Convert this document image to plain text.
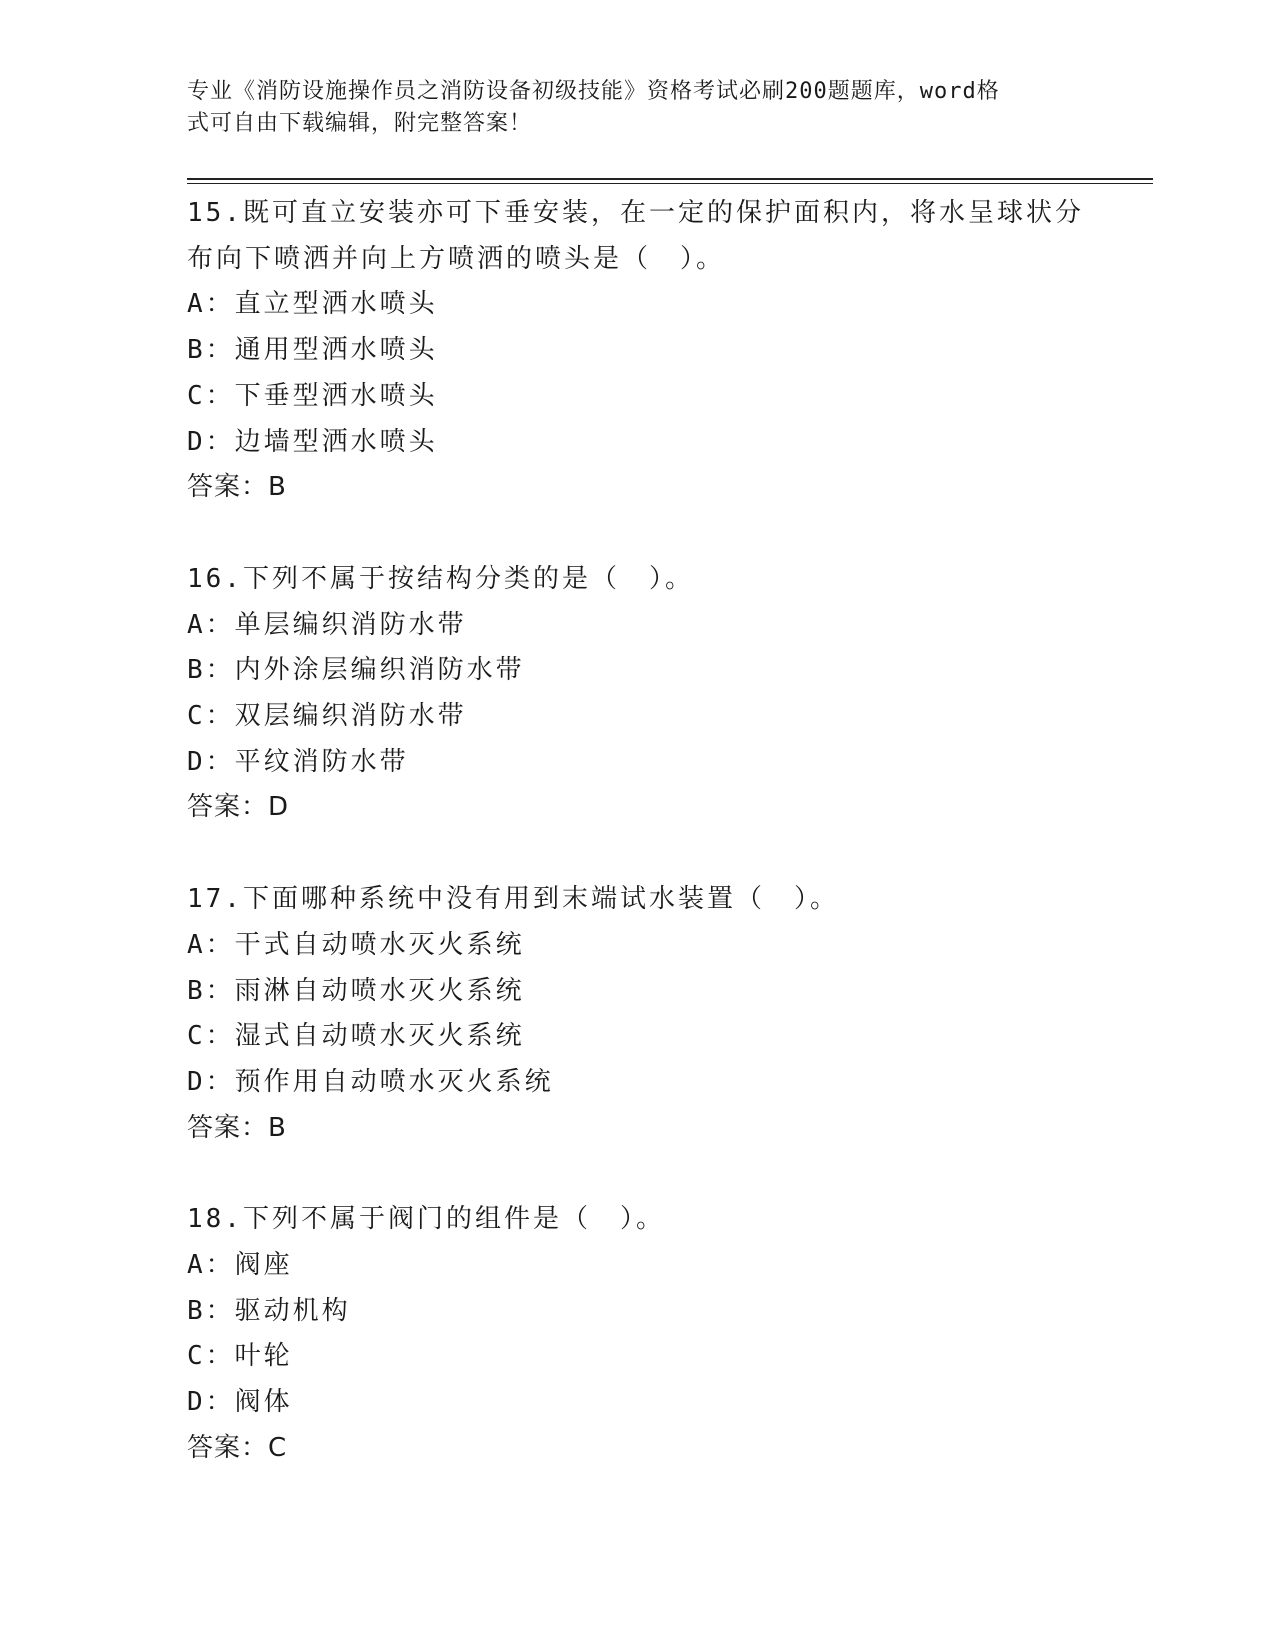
专业《消防设施操作员之消防设备初级技能》资格考试必刷200题题库，word格
式可自由下载编辑，附完整答案！
15.既可直立安装亦可下垂安装，在一定的保护面积内，将水呈球状分
布向下喷洒并向上方喷洒的喷头是（　）。
A：直立型洒水喷头
B：通用型洒水喷头
C：下垂型洒水喷头
D：边墙型洒水喷头
答案：B
16.下列不属于按结构分类的是（　）。
A：单层编织消防水带
B：内外涂层编织消防水带
C：双层编织消防水带
D：平纹消防水带
答案：D
17.下面哪种系统中没有用到末端试水装置（　）。
A：干式自动喷水灭火系统
B：雨淋自动喷水灭火系统
C：湿式自动喷水灭火系统
D：预作用自动喷水灭火系统
答案：B
18.下列不属于阀门的组件是（　）。
A：阀座
B：驱动机构
C：叶轮
D：阀体
答案：C
